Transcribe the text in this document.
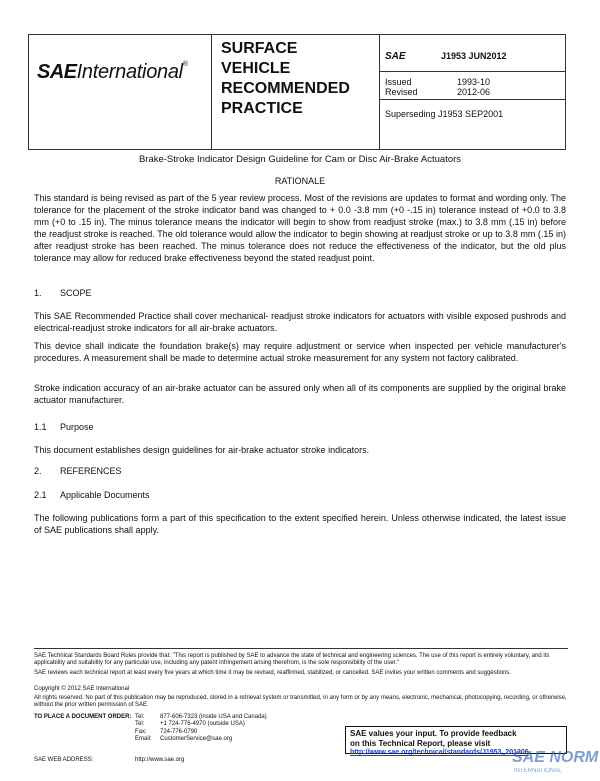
SAEInternational®
SURFACE
VEHICLE
RECOMMENDED
PRACTICE
SAE	J1953 JUN2012
Issued	1993-10
Revised	2012-06
Superseding J1953 SEP2001
Brake-Stroke Indicator Design Guideline for Cam or Disc Air-Brake Actuators
RATIONALE
This standard is being revised as part of the 5 year review process. Most of the revisions are updates to format and wording only. The tolerance for the placement of the stroke indicator band was changed to + 0.0 -3.8 mm (+0 -.15 in) tolerance instead of +0.0 to 3.8 mm (+0 to .15 in). The minus tolerance means the indicator will begin to show from readjust stroke (max.) to 3.8 mm (.15 in) before the readjust stroke is reached. The old tolerance would allow the indicator to begin showing at readjust stroke or up to 3.8 mm (.15 in) after readjust stroke has been reached. The minus tolerance does not reduce the effectiveness of the indicator, but the old plus tolerance may allow for reduced brake effectiveness beyond the stated readjust point.
1. SCOPE
This SAE Recommended Practice shall cover mechanical- readjust stroke indicators for actuators with visible exposed pushrods and electrical-readjust stroke indicators for all air-brake actuators.
This device shall indicate the foundation brake(s) may require adjustment or service when inspected per vehicle manufacturer's procedures. A measurement shall be made to determine actual stroke measurement for any system not factory calibrated.
Stroke indication accuracy of an air-brake actuator can be assured only when all of its components are supplied by the original brake actuator manufacturer.
1.1 Purpose
This document establishes design guidelines for air-brake actuator stroke indicators.
2. REFERENCES
2.1 Applicable Documents
The following publications form a part of this specification to the extent specified herein. Unless otherwise indicated, the latest issue of SAE publications shall apply.
SAE Technical Standards Board Rules provide that: "This report is published by SAE to advance the state of technical and engineering sciences. The use of this report is entirely voluntary, and its applicability and suitability for any particular use, including any patent infringement arising therefrom, is the sole responsibility of the user."
SAE reviews each technical report at least every five years at which time it may be revised, reaffirmed, stabilized, or cancelled. SAE invites your written comments and suggestions.
Copyright © 2012 SAE International
All rights reserved. No part of this publication may be reproduced, stored in a retrieval system or transmitted, in any form or by any means, electronic, mechanical, photocopying, recording, or otherwise, without the prior written permission of SAE.
TO PLACE A DOCUMENT ORDER: Tel:	877-606-7323 (inside USA and Canada)
Tel:	+1 724-776-4970 (outside USA)
Fax: 724-776-0790
Email: CustomerService@sae.org
SAE WEB ADDRESS:	http://www.sae.org
SAE values your input. To provide feedback
on this Technical Report, please visit
http://www.sae.org/technical/standards/J1953_201206
SAE NORM
INTERNATIONAL
